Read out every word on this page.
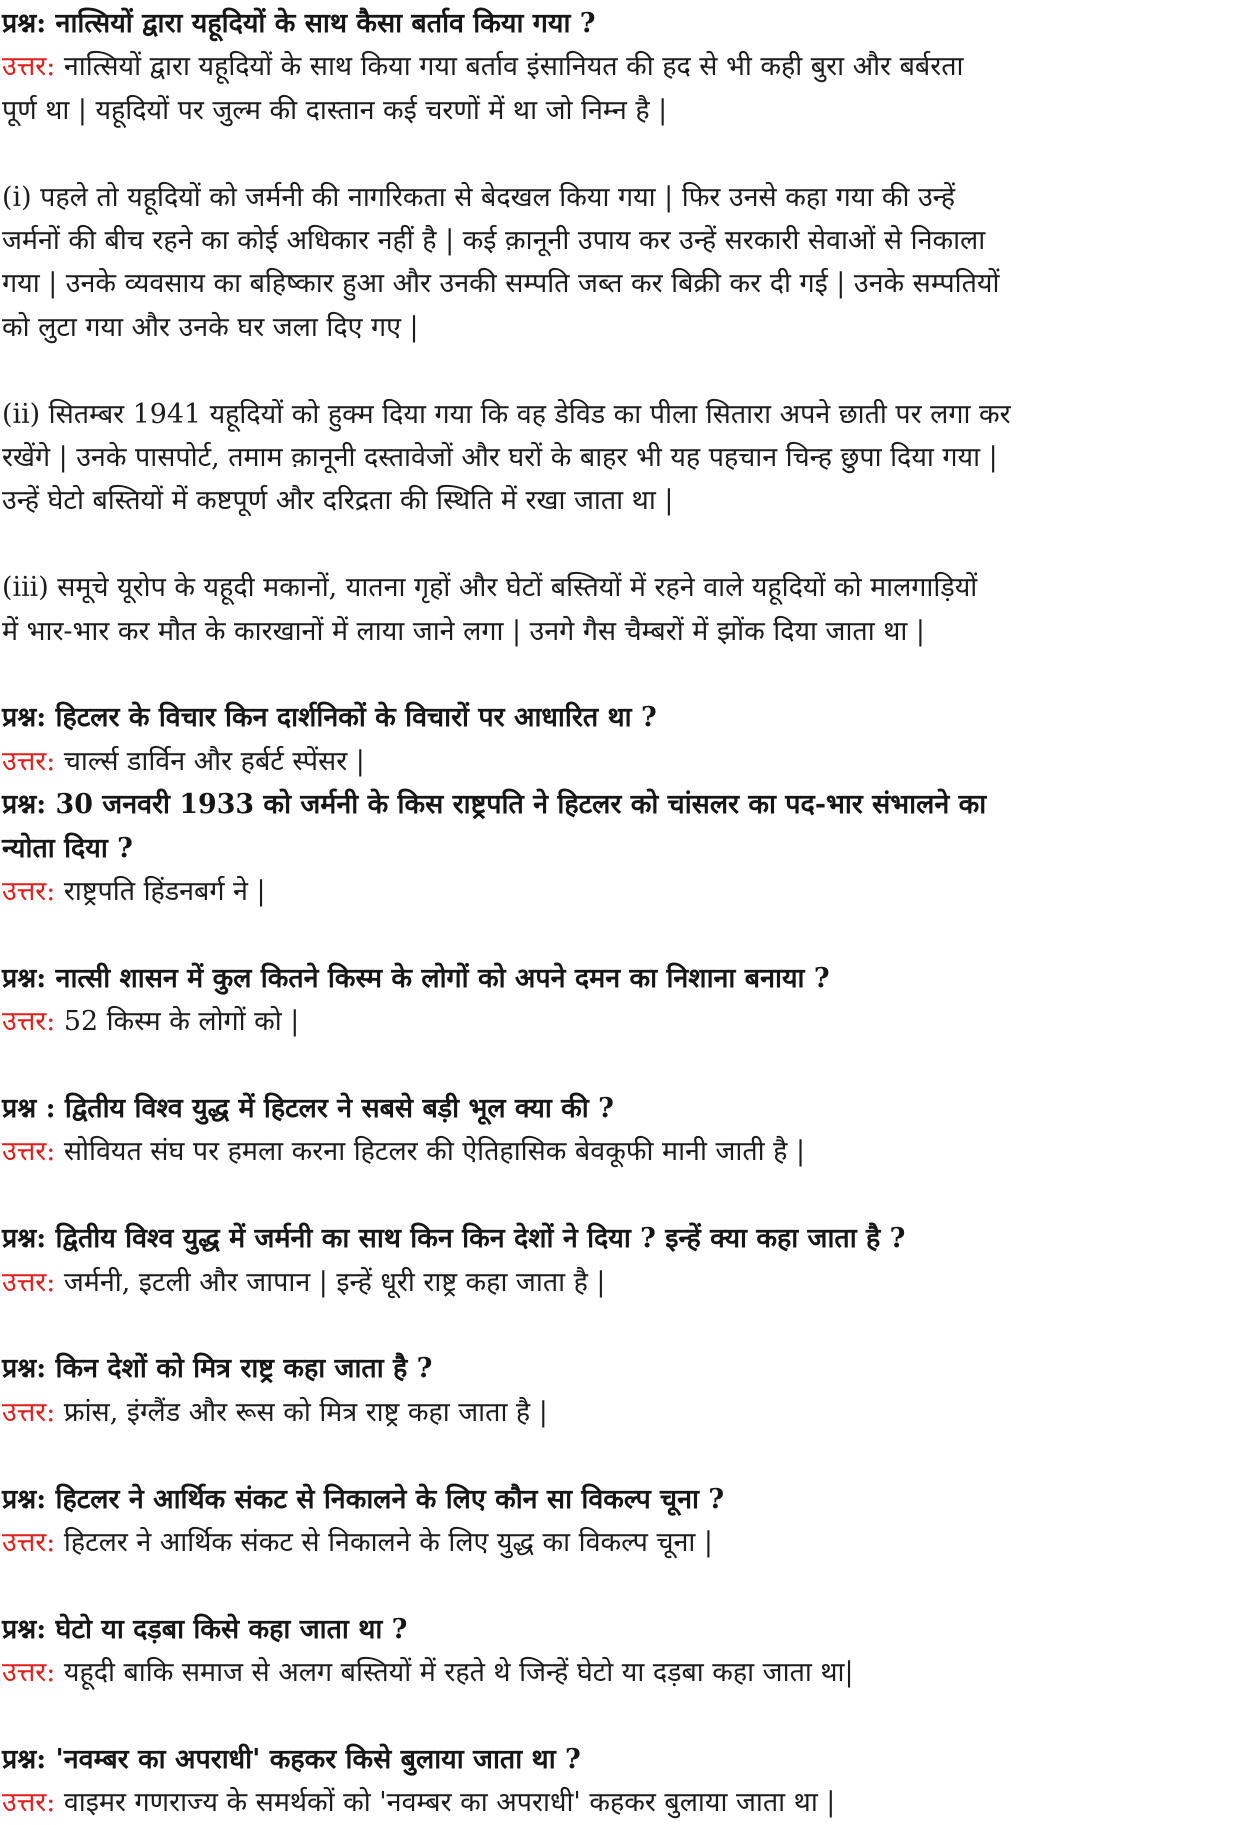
प्रश्न: नात्सियों द्वारा यहूदियों के साथ कैसा बर्ताव किया गया ?

उत्तर: नात्सियों द्वारा यहूदियों के साथ किया गया बर्ताव इंसानियत की हद से भी कही बुरा और बर्बरता

पूर्ण था | यहूदियों पर जुल्म की दास्तान कई चरणों में था जो निम्न है |

(i) पहले तो यहूदियों को जर्मनी की नागरिकता से बेदखल किया गया | फिर उनसे कहा गया की उन्हें

जर्मनों की बीच रहने का कोई अधिकार नहीं है | कई क़ानूनी उपाय कर उन्हें सरकारी सेवाओं से निकाला

गया | उनके व्यवसाय का बहिष्कार हुआ और उनकी सम्पति जब्त कर बिक्री कर दी गई | उनके सम्पतियों

को लुटा गया और उनके घर जला दिए गए |

(ii) सितम्बर 1941 यहूदियों को हुक्म दिया गया कि वह डेविड का पीला सितारा अपने छाती पर लगा कर

रखेंगे | उनके पासपोर्ट, तमाम क़ानूनी दस्तावेजों और घरों के बाहर भी यह पहचान चिन्ह छुपा दिया गया |

उन्हें घेटो बस्तियों में कष्टपूर्ण और दरिद्रता की स्थिति में रखा जाता था |

(iii) समूचे यूरोप के यहूदी मकानों, यातना गृहों और घेटों बस्तियों में रहने वाले यहूदियों को मालगाड़ियों

में भार-भार कर मौत के कारखानों में लाया जाने लगा | उनगे गैस चैम्बरों में झोंक दिया जाता था |

प्रश्न: हिटलर के विचार किन दार्शनिकों के विचारों पर आधारित था ?

उत्तर: चार्ल्स डार्विन और हर्बर्ट स्पेंसर |

प्रश्न: 30 जनवरी 1933 को जर्मनी के किस राष्ट्रपति ने हिटलर को चांसलर का पद-भार संभालने का

न्योता दिया ?

उत्तर: राष्ट्रपति हिंडनबर्ग ने |

प्रश्न: नात्सी शासन में कुल कितने किस्म के लोगों को अपने दमन का निशाना बनाया ?

उत्तर: 52 किस्म के लोगों को |

प्रश्न : द्वितीय विश्व युद्ध में हिटलर ने सबसे बड़ी भूल क्या की ?

उत्तर: सोवियत संघ पर हमला करना हिटलर की ऐतिहासिक बेवकूफी मानी जाती है |

प्रश्न: द्वितीय विश्व युद्ध में जर्मनी का साथ किन किन देशों ने दिया ? इन्हें क्या कहा जाता है ?

उत्तर: जर्मनी, इटली और जापान | इन्हें धूरी राष्ट्र कहा जाता है |

प्रश्न: किन देशों को मित्र राष्ट्र कहा जाता है ?

उत्तर: फ्रांस, इंग्लैंड और रूस को मित्र राष्ट्र कहा जाता है |

प्रश्न: हिटलर ने आर्थिक संकट से निकालने के लिए कौन सा विकल्प चूना ?

उत्तर: हिटलर ने आर्थिक संकट से निकालने के लिए युद्ध का विकल्प चूना |

प्रश्न: घेटो या दड़बा किसे कहा जाता था ?

उत्तर: यहूदी बाकि समाज से अलग बस्तियों में रहते थे जिन्हें घेटो या दड़बा कहा जाता था|

प्रश्न: 'नवम्बर का अपराधी' कहकर किसे बुलाया जाता था ?

उत्तर: वाइमर गणराज्य के समर्थकों को 'नवम्बर का अपराधी' कहकर बुलाया जाता था |
